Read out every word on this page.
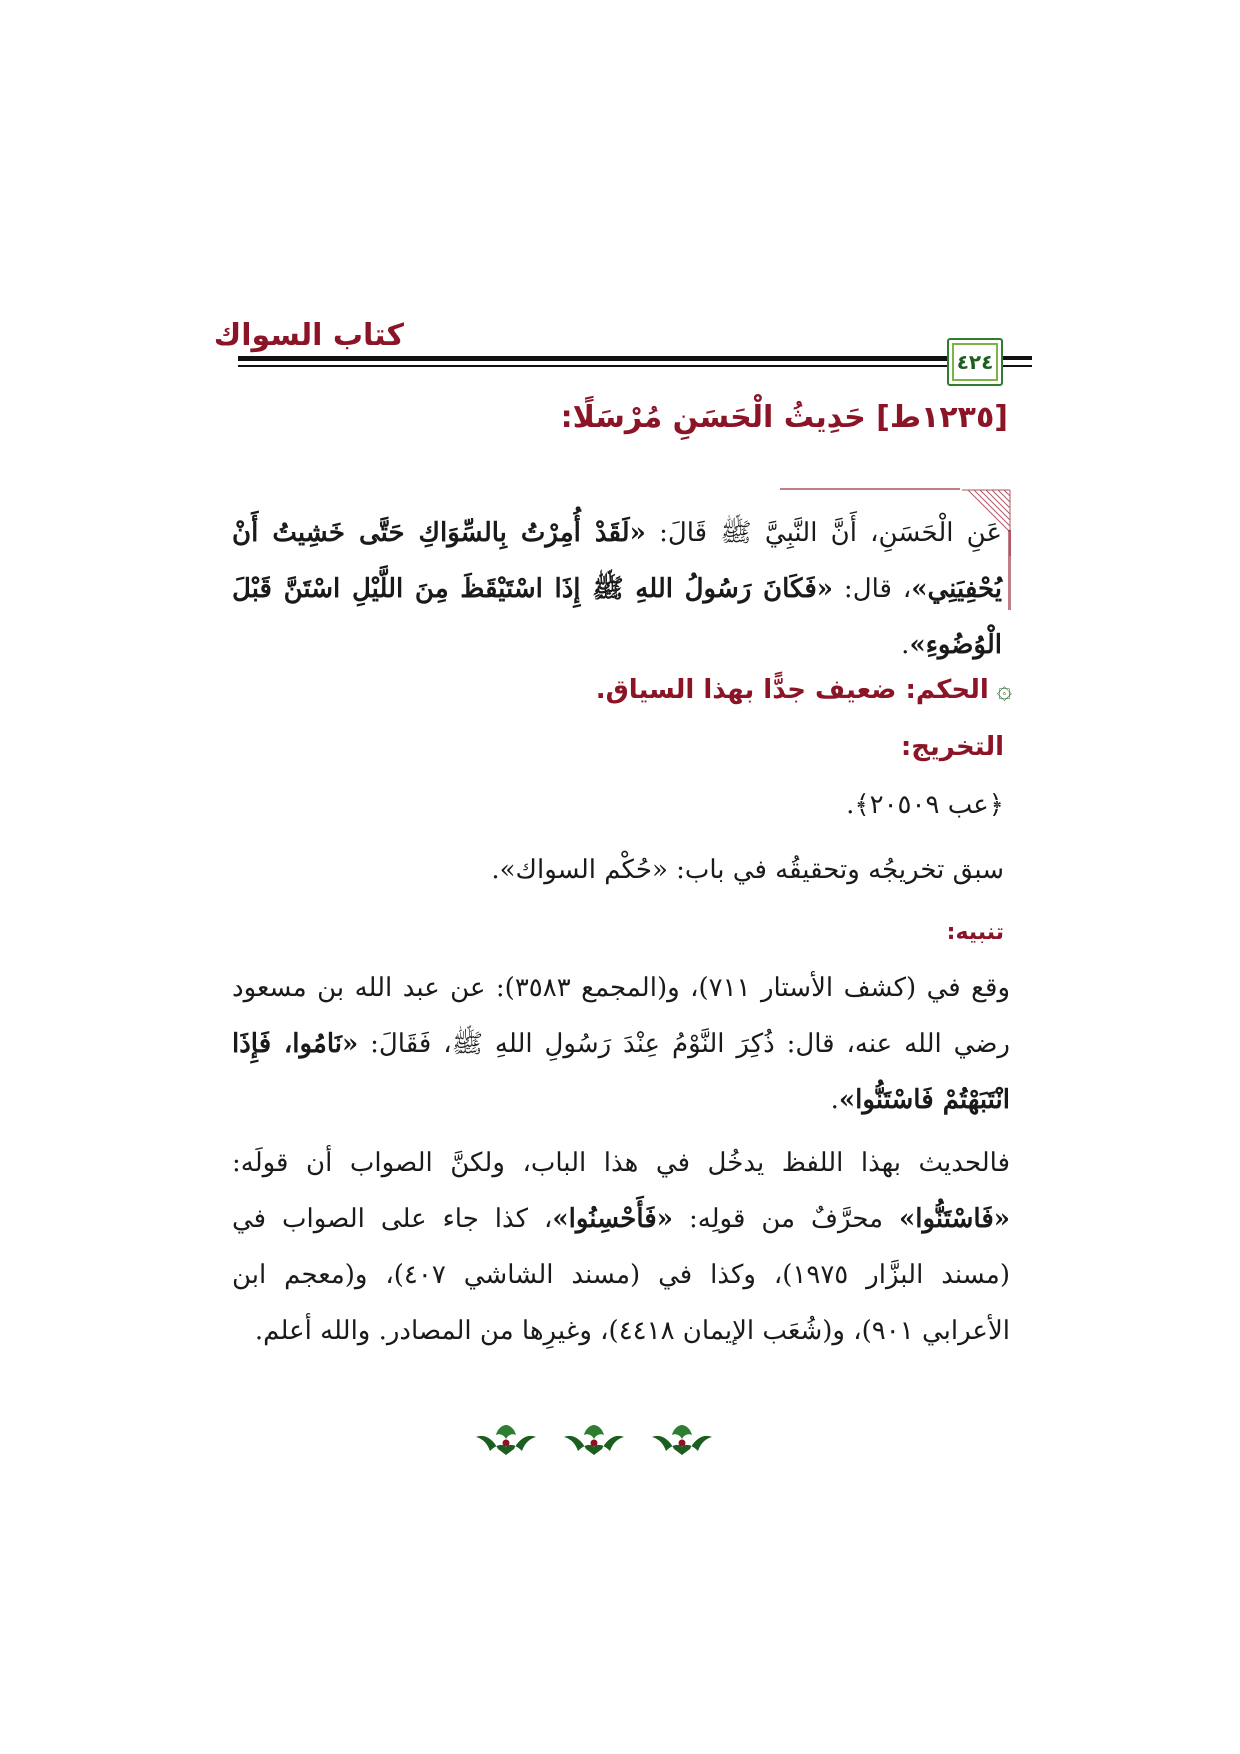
كتاب السواك
٤٢٤
[١٢٣٥ط] حَدِيثُ الْحَسَنِ مُرْسَلًا:
عَنِ الْحَسَنِ، أَنَّ النَّبِيَّ ﷺ قَالَ: «لَقَدْ أُمِرْتُ بِالسِّوَاكِ حَتَّى خَشِيتُ أَنْ يُحْفِيَنِي»، قال: «فَكَانَ رَسُولُ اللهِ ﷺ إِذَا اسْتَيْقَظَ مِنَ اللَّيْلِ اسْتَنَّ قَبْلَ الْوُضُوءِ».
۞الحكم: ضعيف جدًّا بهذا السياق.
التخريج:
﴿عب ٢٠٥٠٩﴾.
سبق تخريجُه وتحقيقُه في باب: «حُكْم السواك».
تنبيه:
وقع في (كشف الأستار ٧١١)، و(المجمع ٣٥٨٣): عن عبد الله بن مسعود رضي الله عنه، قال: ذُكِرَ النَّوْمُ عِنْدَ رَسُولِ اللهِ ﷺ، فَقَالَ: «نَامُوا، فَإِذَا انْتَبَهْتُمْ فَاسْتَنُّوا».
فالحديث بهذا اللفظ يدخُل في هذا الباب، ولكنَّ الصواب أن قولَه: «فَاسْتَنُّوا» محرَّفٌ من قولِه: «فَأَحْسِنُوا»، كذا جاء على الصواب في (مسند البزَّار ١٩٧٥)، وكذا في (مسند الشاشي ٤٠٧)، و(معجم ابن الأعرابي ٩٠١)، و(شُعَب الإيمان ٤٤١٨)، وغيرِها من المصادر. والله أعلم.
